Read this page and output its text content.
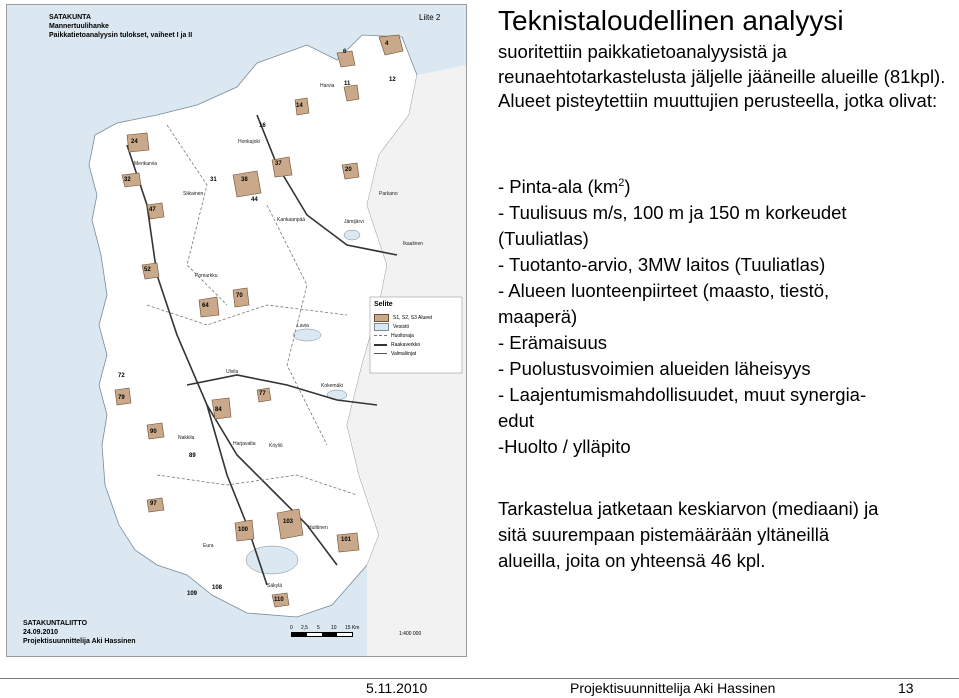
SATAKUNTA
Mannertuulihanke
Paikkatietoanalyysin tulokset, vaiheet I ja II
Liite 2
Harvia
Honkajoki
Merikarvia
Siikainen
Kankaanpää	Jämijärvi
Pomarkku
Lavia
Ulvila
Kokemäki
Nakkila
Harjavalta
Huittinen
Eura
Säkylä
Köyliö
Parkano
Ikaalinen
6
4
11
14
12
24
16
37
20
32	38
31
44
47
52
64
70
72
79
77
84
89
90
97
100
103
101
108
109
110
Selite
S1, S2, S3 Alueet
Vesistö
Huoltoraja
Raakaverkko
Valmaliinjat
0 2,5 5 10 15 Km
1:400 000
SATAKUNTALIITTO
24.09.2010
Projektisuunnittelija Aki Hassinen
Teknistaloudellinen analyysi
suoritettiin paikkatietoanalyysistä ja reunaehtotarkastelusta jäljelle jääneille alueille (81kpl). Alueet pisteytettiin muuttujien perusteella, jotka olivat:
- Pinta-ala $(km^2)$
- Tuulisuus m/s, 100 m ja 150 m korkeudet
(Tuuliatlas)
- Tuotanto-arvio, 3MW laitos (Tuuliatlas)
- Alueen luonteenpiirteet (maasto, tiestö,
maaperä)
- Erämaisuus
- Puolustusvoimien alueiden läheisyys
- Laajentumismahdollisuudet, muut synergia-
edut
-Huolto / ylläpito
Tarkastelua jatketaan keskiarvon (mediaani) ja
sitä suurempaan pistemäärään yltäneillä
alueilla, joita on yhteensä 46 kpl.
5.11.2010	Projektisuunnittelija Aki Hassinen	13
